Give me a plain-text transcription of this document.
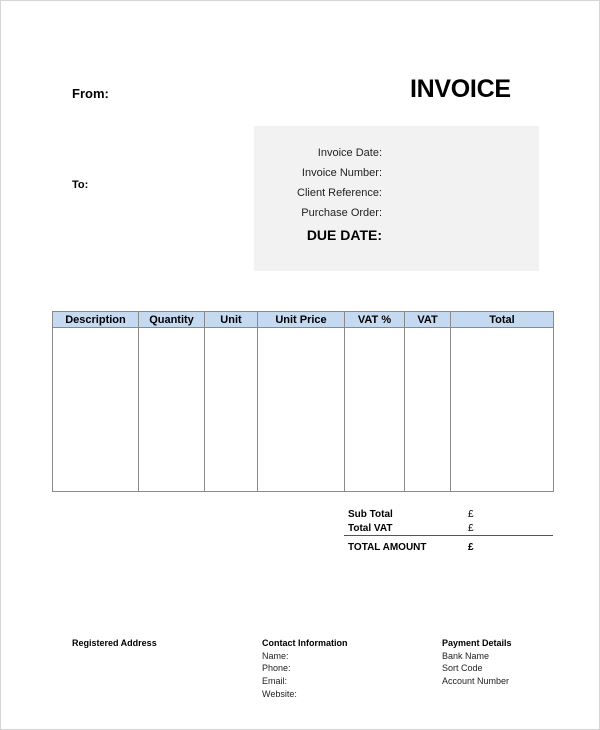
From:	INVOICE
To:
Invoice Date:
Invoice Number:
Client Reference:
Purchase Order:
DUE DATE:
Description	Quantity	Unit	Unit Price	VAT %	VAT	Total

Sub Total	£
Total VAT	£
TOTAL AMOUNT	£
Registered Address	Contact Information
Name:
Phone:
Email:
Website:
Payment Details
Bank Name
Sort Code
Account Number
